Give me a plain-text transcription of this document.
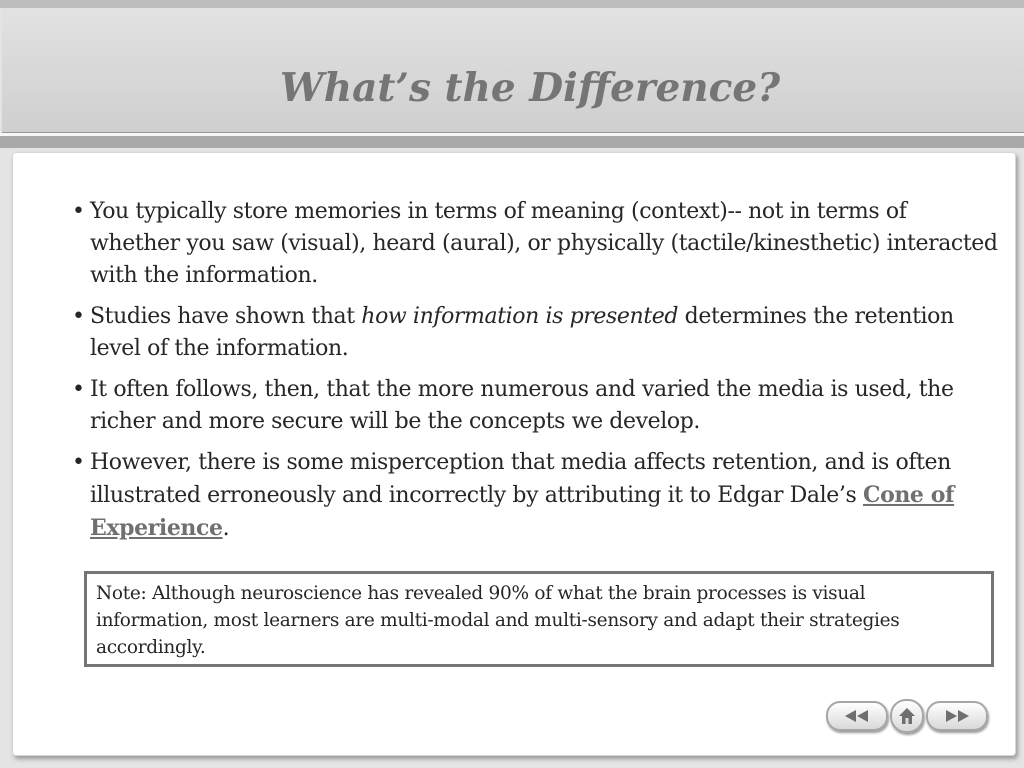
What’s the Difference?
• You typically store memories in terms of meaning (context)-- not in terms of whether you saw (visual), heard (aural), or physically (tactile/kinesthetic) interacted with the information.
• Studies have shown that how information is presented determines the retention level of the information.
• It often follows, then, that the more numerous and varied the media is used, the richer and more secure will be the concepts we develop.
• However, there is some misperception that media affects retention, and is often illustrated erroneously and incorrectly by attributing it to Edgar Dale’s Cone of Experience.
Note: Although neuroscience has revealed 90% of what the brain processes is visual information, most learners are multi-modal and multi-sensory and adapt their strategies accordingly.
